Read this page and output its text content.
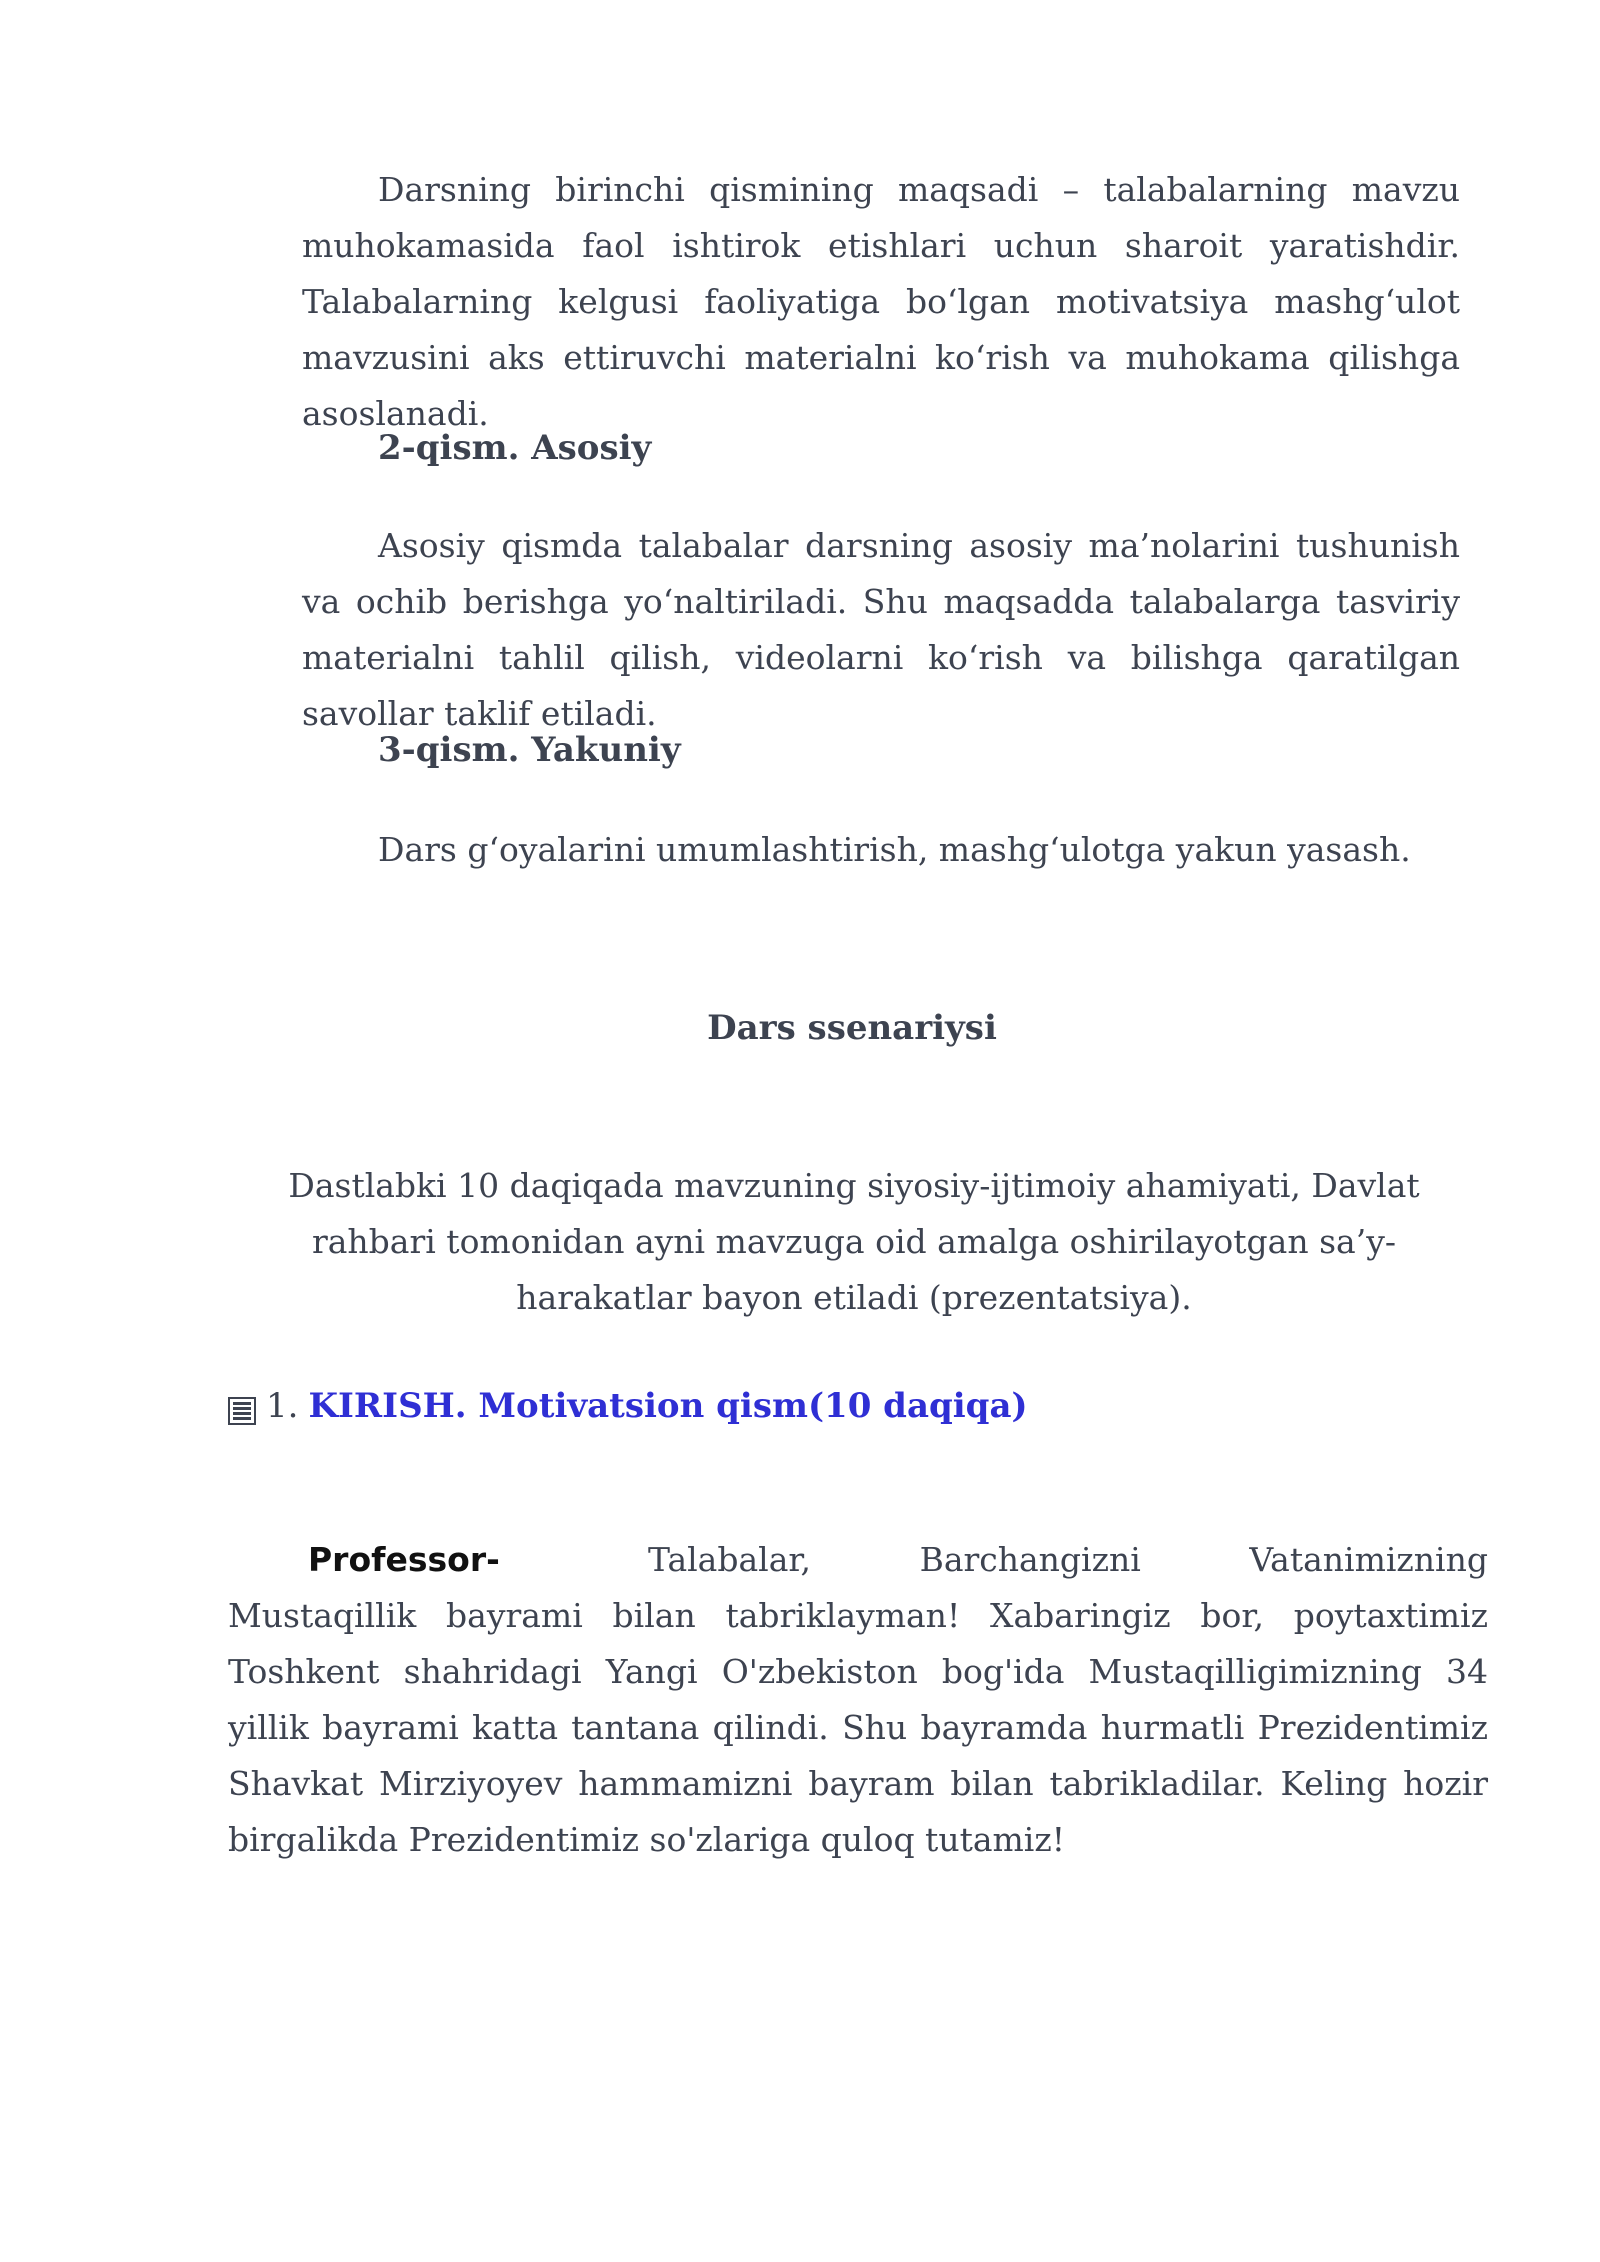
Darsning birinchi qismining maqsadi – talabalarning mavzu muhokamasida faol ishtirok etishlari uchun sharoit yaratishdir. Talabalarning kelgusi faoliyatiga bo‘lgan motivatsiya mashg‘ulot mavzusini aks ettiruvchi materialni ko‘rish va muhokama qilishga asoslanadi.

2-qism. Asosiy

Asosiy qismda talabalar darsning asosiy ma’nolarini tushunish va ochib berishga yo‘naltiriladi. Shu maqsadda talabalarga tasviriy materialni tahlil qilish, videolarni ko‘rish va bilishga qaratilgan savollar taklif etiladi.

3-qism. Yakuniy

Dars g‘oyalarini umumlashtirish, mashg‘ulotga yakun yasash.

Dars ssenariysi

Dastlabki 10 daqiqada mavzuning siyosiy-ijtimoiy ahamiyati, Davlat rahbari tomonidan ayni mavzuga oid amalga oshirilayotgan sa’y-harakatlar bayon etiladi (prezentatsiya).

1. KIRISH. Motivatsion qism(10 daqiqa)
Professor-	Talabalar,	Barchangizni	Vatanimizning

Mustaqillik bayrami bilan tabriklayman! Xabaringiz bor, poytaxtimiz Toshkent shahridagi Yangi O'zbekiston bog'ida Mustaqilligimizning 34 yillik bayrami katta tantana qilindi. Shu bayramda hurmatli Prezidentimiz Shavkat Mirziyoyev hammamizni bayram bilan tabrikladilar. Keling hozir birgalikda Prezidentimiz so'zlariga quloq tutamiz!
